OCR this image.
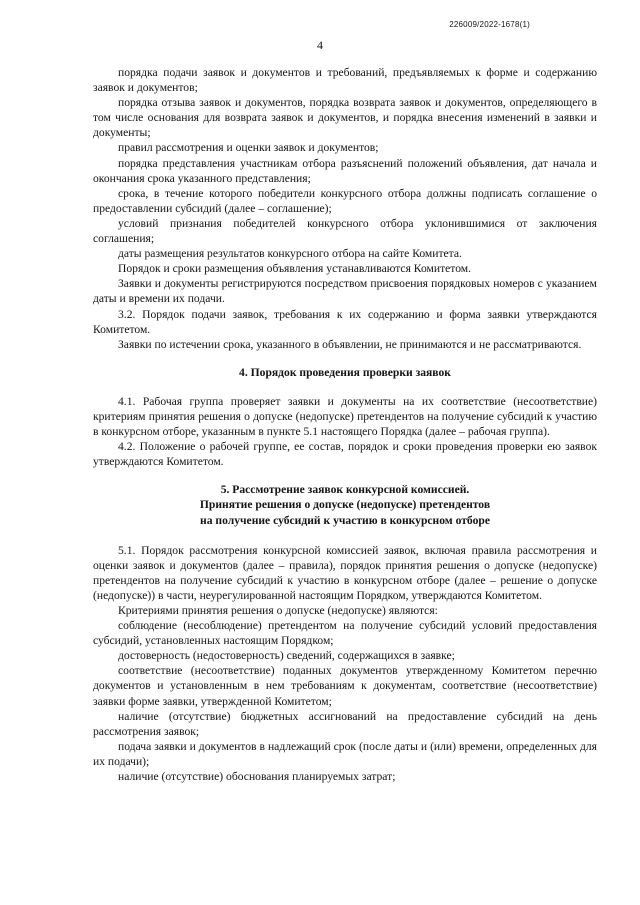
226009/2022-1678(1)
4

порядка подачи заявок и документов и требований, предъявляемых к форме и содержанию заявок и документов;

порядка отзыва заявок и документов, порядка возврата заявок и документов, определяющего в том числе основания для возврата заявок и документов, и порядка внесения изменений в заявки и документы;

правил рассмотрения и оценки заявок и документов;

порядка представления участникам отбора разъяснений положений объявления, дат начала и окончания срока указанного представления;

срока, в течение которого победители конкурсного отбора должны подписать соглашение о предоставлении субсидий (далее – соглашение);

условий признания победителей конкурсного отбора уклонившимися от заключения соглашения;

даты размещения результатов конкурсного отбора на сайте Комитета.

Порядок и сроки размещения объявления устанавливаются Комитетом.

Заявки и документы регистрируются посредством присвоения порядковых номеров с указанием даты и времени их подачи.

3.2. Порядок подачи заявок, требования к их содержанию и форма заявки утверждаются Комитетом.

Заявки по истечении срока, указанного в объявлении, не принимаются и не рассматриваются.

4. Порядок проведения проверки заявок

4.1. Рабочая группа проверяет заявки и документы на их соответствие (несоответствие) критериям принятия решения о допуске (недопуске) претендентов на получение субсидий к участию в конкурсном отборе, указанным в пункте 5.1 настоящего Порядка (далее – рабочая группа).

4.2. Положение о рабочей группе, ее состав, порядок и сроки проведения проверки ею заявок утверждаются Комитетом.

5. Рассмотрение заявок конкурсной комиссией.
Принятие решения о допуске (недопуске) претендентов
на получение субсидий к участию в конкурсном отборе

5.1. Порядок рассмотрения конкурсной комиссией заявок, включая правила рассмотрения и оценки заявок и документов (далее – правила), порядок принятия решения о допуске (недопуске) претендентов на получение субсидий к участию в конкурсном отборе (далее – решение о допуске (недопуске)) в части, неурегулированной настоящим Порядком, утверждаются Комитетом.

Критериями принятия решения о допуске (недопуске) являются:

соблюдение (несоблюдение) претендентом на получение субсидий условий предоставления субсидий, установленных настоящим Порядком;

достоверность (недостоверность) сведений, содержащихся в заявке;

соответствие (несоответствие) поданных документов утвержденному Комитетом перечню документов и установленным в нем требованиям к документам, соответствие (несоответствие) заявки форме заявки, утвержденной Комитетом;

наличие (отсутствие) бюджетных ассигнований на предоставление субсидий на день рассмотрения заявок;

подача заявки и документов в надлежащий срок (после даты и (или) времени, определенных для их подачи);

наличие (отсутствие) обоснования планируемых затрат;
